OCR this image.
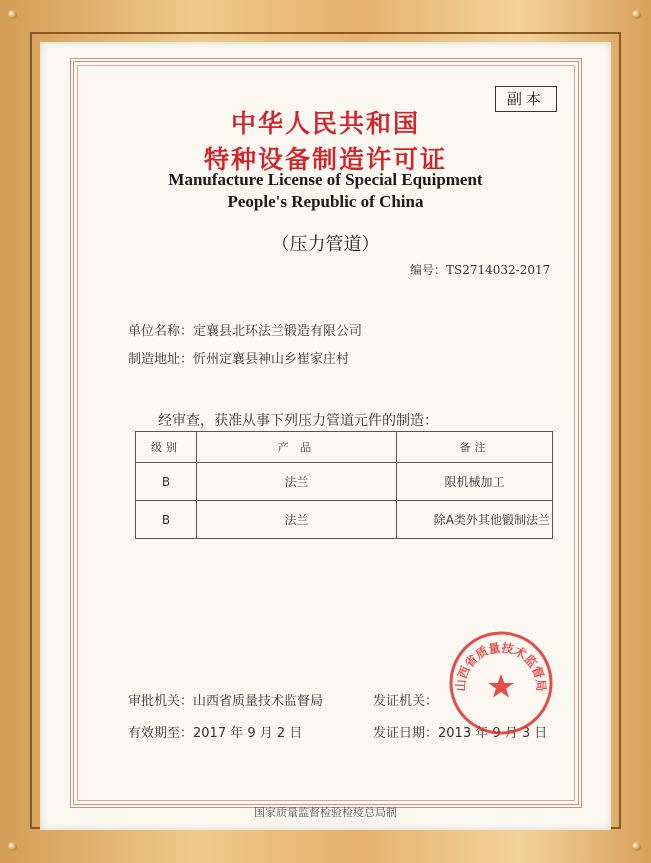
副本
中华人民共和国
特种设备制造许可证
Manufacture License of Special Equipment
People's Republic of China
（压力管道）
编号：TS2714032-2017
单位名称：定襄县北环法兰锻造有限公司
制造地址：忻州定襄县神山乡崔家庄村
经审查，获准从事下列压力管道元件的制造：
级别	产 品	备注
B	法兰	限机械加工
B	法兰	除A类外其他锻制法兰
审批机关：山西省质量技术监督局	发证机关：
有效期至：2017 年 9 月 2 日	发证日期：2013 年 9 月 3 日
山西省质量技术监督局
国家质量监督检验检疫总局制
